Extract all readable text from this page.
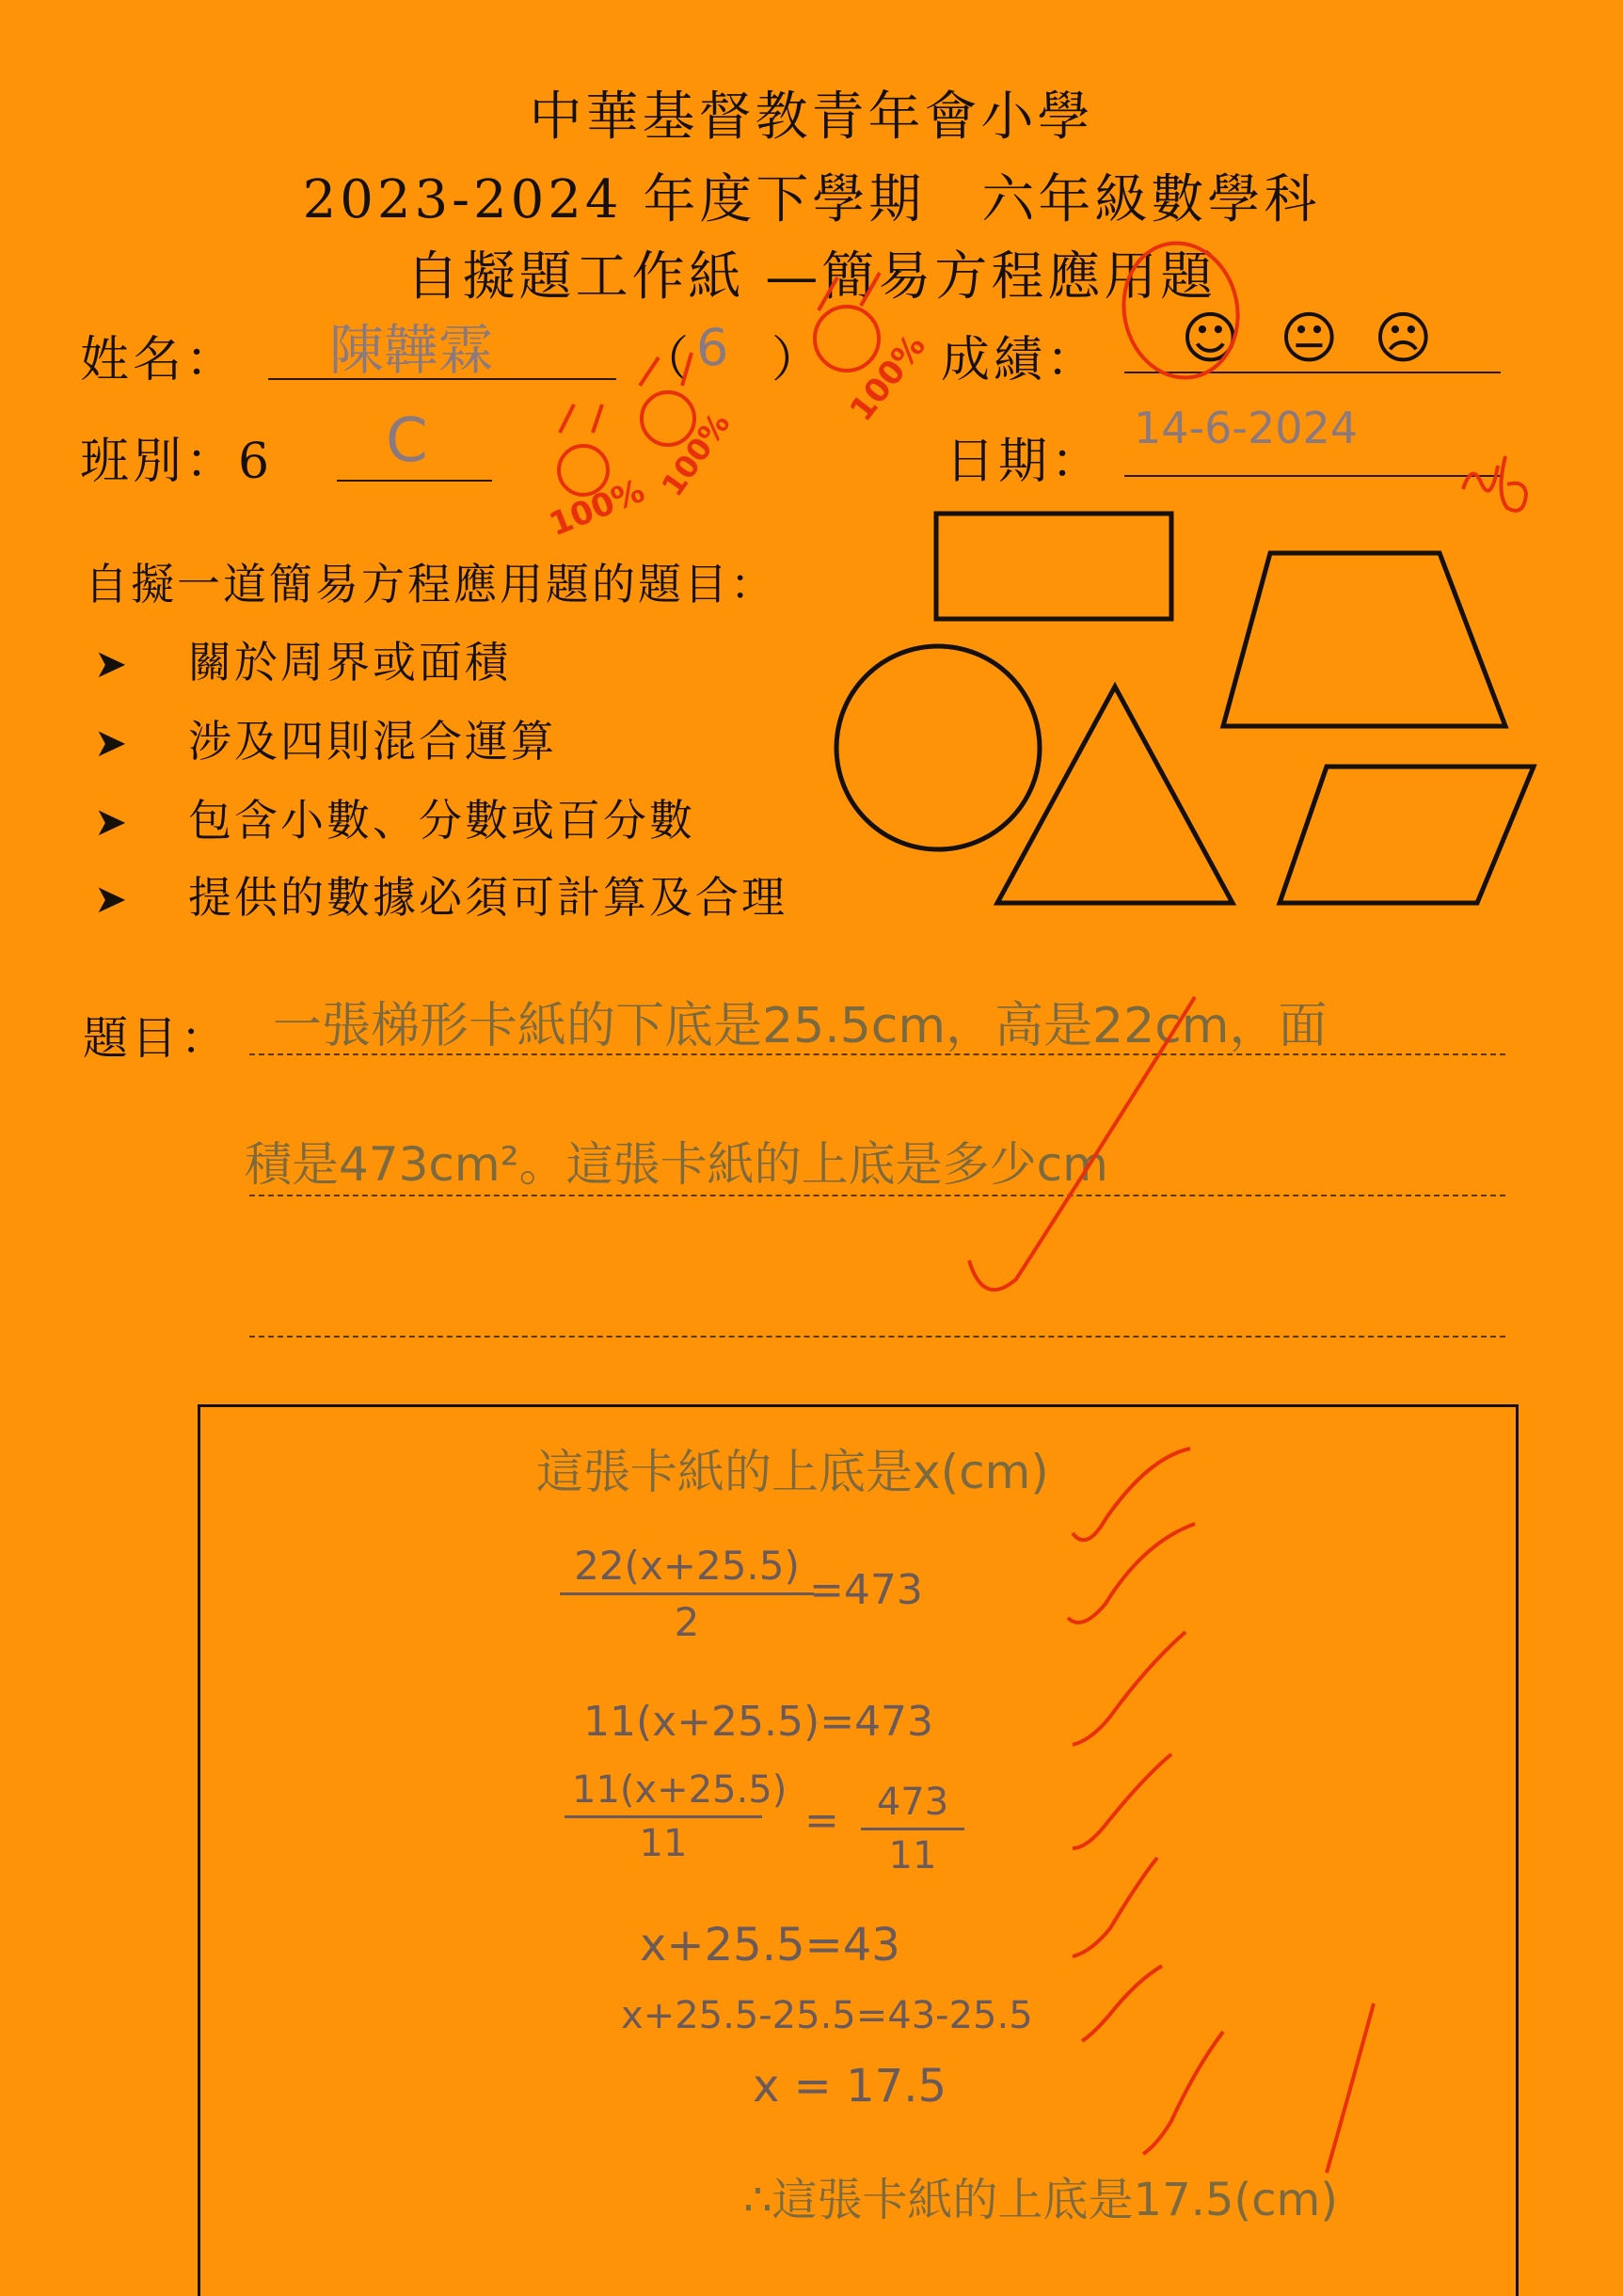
中華基督教青年會小學
2023-2024 年度下學期　六年級數學科
自擬題工作紙 —簡易方程應用題
姓名： 陳韡霖	（ 6 ） 成績： ☺ 😐 ☹
班別：6 C	日期：
14-6-2024
100%
100%
100%
自擬一道簡易方程應用題的題目：
➤ 關於周界或面積
➤ 涉及四則混合運算
➤ 包含小數、分數或百分數
➤ 提供的數據必須可計算及合理
題目： 一張梯形卡紙的下底是25.5cm，高是22cm，面
積是473cm²。這張卡紙的上底是多少cm
這張卡紙的上底是x(cm)
$\frac{22(x+25.5)}{2}$
=473
11(x+25.5)=473
$\frac{11(x+25.5)}{11} = \frac{473}{11}$
x+25.5=43
x+25.5-25.5=43-25.5
x = 17.5
∴這張卡紙的上底是17.5(cm)
